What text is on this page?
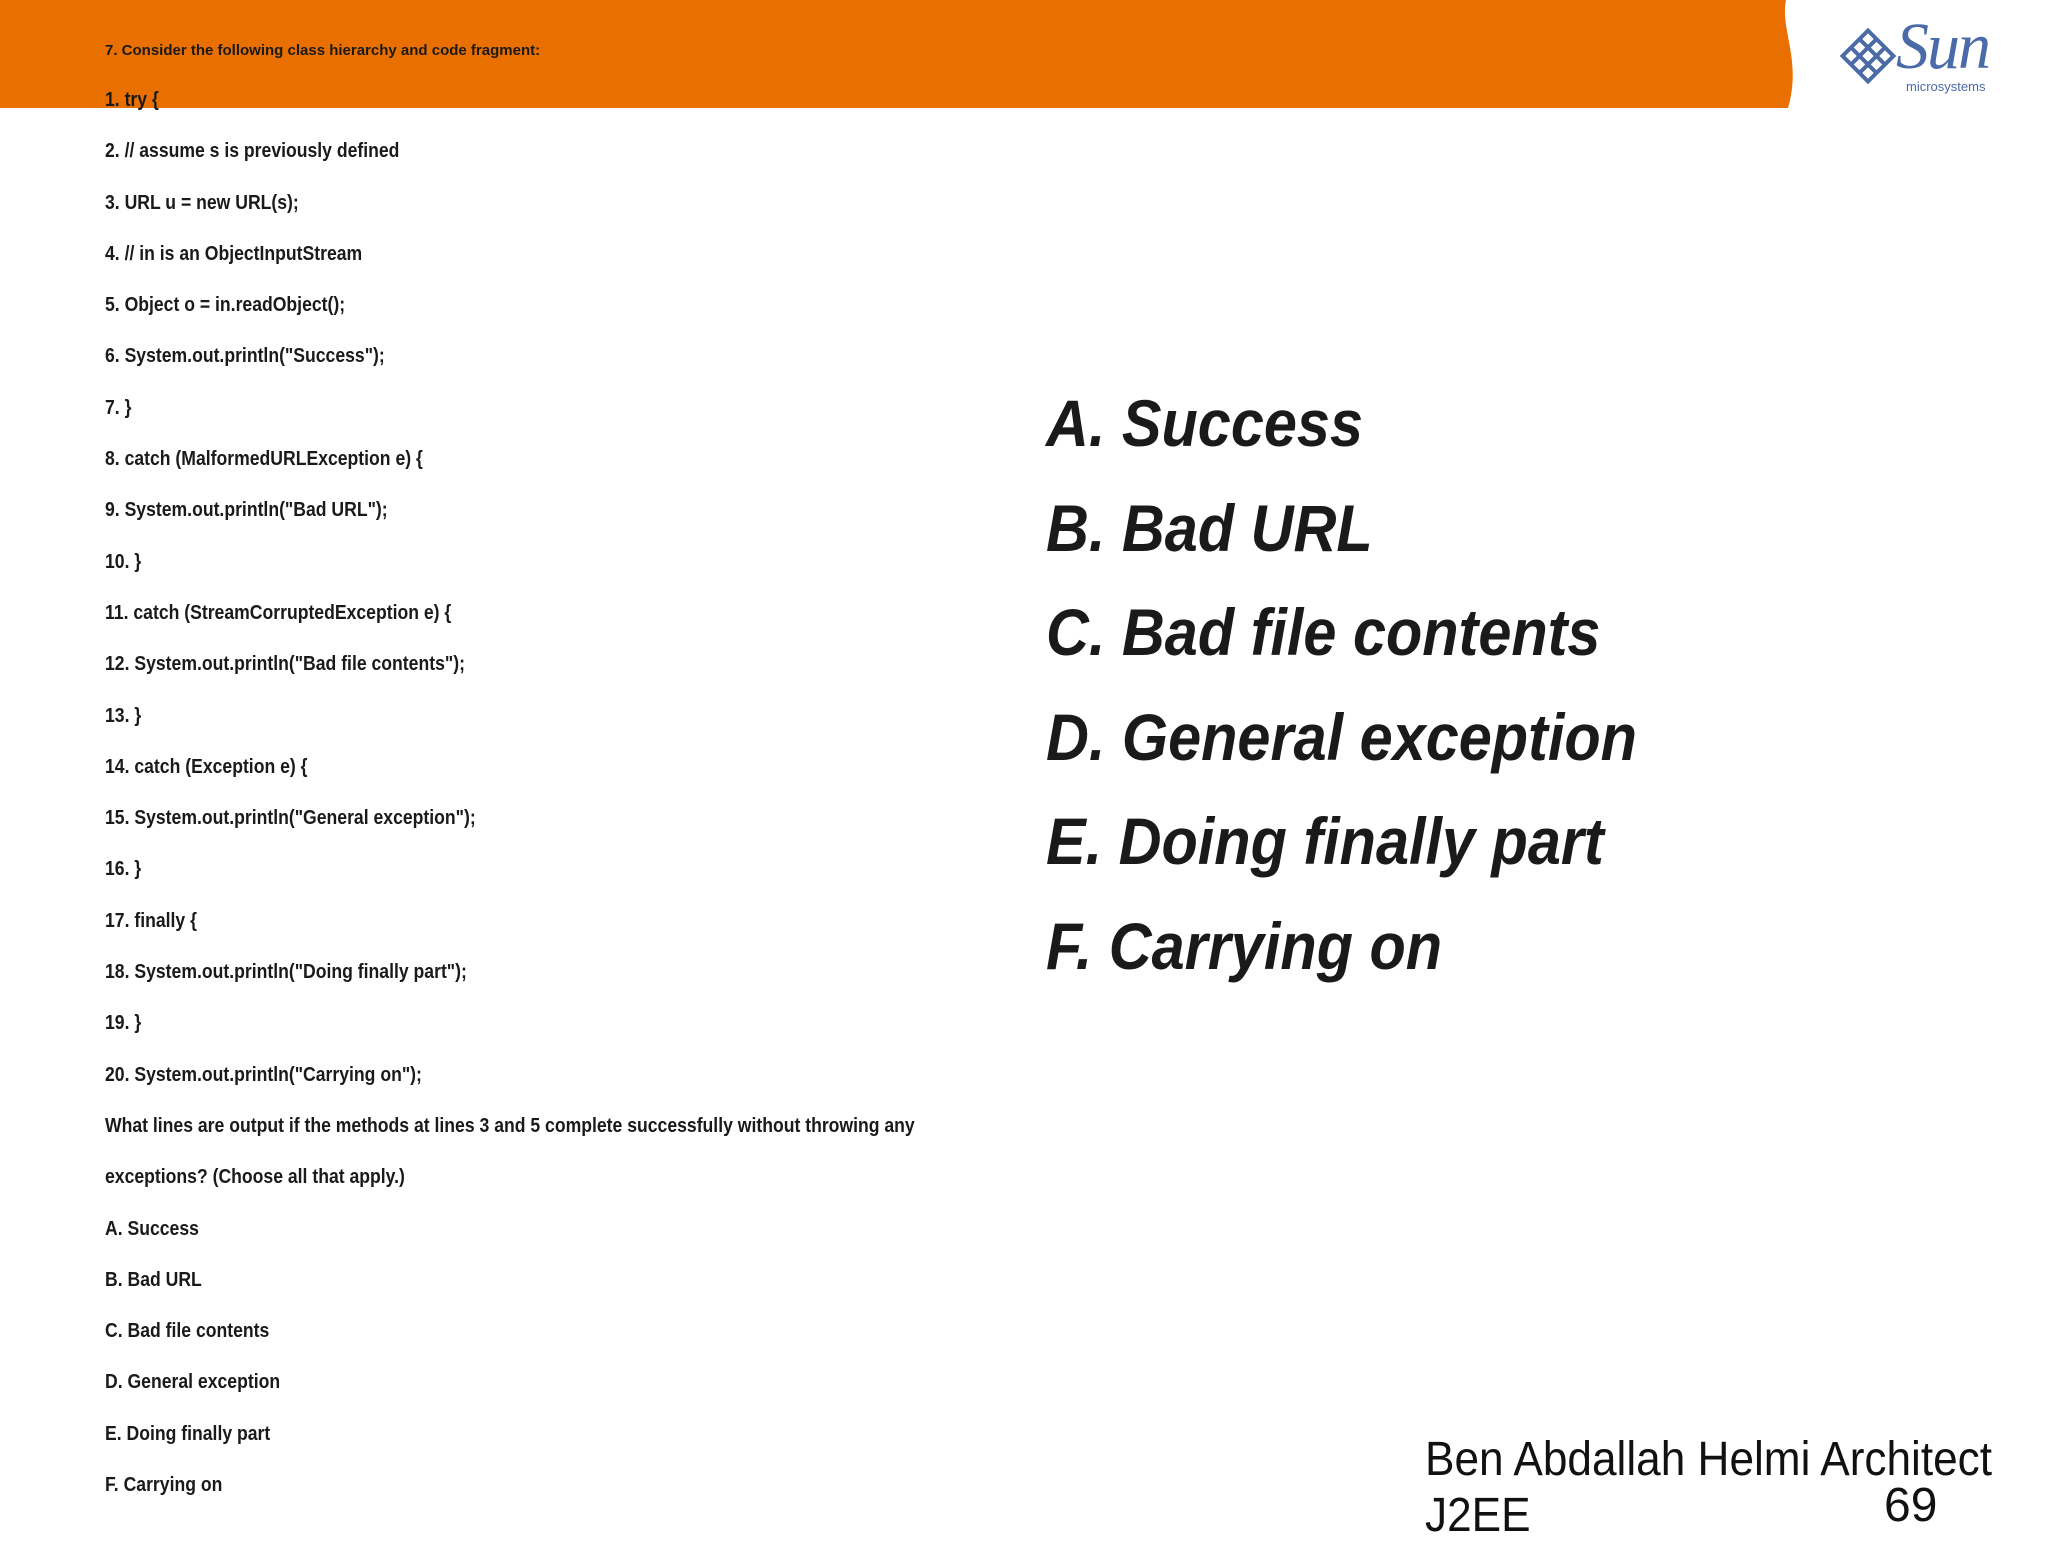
Sun
microsystems

7. Consider the following class hierarchy and code fragment:

1. try {
2. // assume s is previously defined
3. URL u = new URL(s);
4. // in is an ObjectInputStream
5. Object o = in.readObject();
6. System.out.println("Success");
7. }
8. catch (MalformedURLException e) {
9. System.out.println("Bad URL");
10. }
11. catch (StreamCorruptedException e) {
12. System.out.println("Bad file contents");
13. }
14. catch (Exception e) {
15. System.out.println("General exception");
16. }
17. finally {
18. System.out.println("Doing finally part");
19. }
20. System.out.println("Carrying on");
What lines are output if the methods at lines 3 and 5 complete successfully without throwing any
exceptions? (Choose all that apply.)
A. Success
B. Bad URL
C. Bad file contents
D. General exception
E. Doing finally part
F. Carrying on
A. Success
B. Bad URL
C. Bad file contents
D. General exception
E. Doing finally part
F. Carrying on

Ben Abdallah Helmi Architect
J2EE	69
